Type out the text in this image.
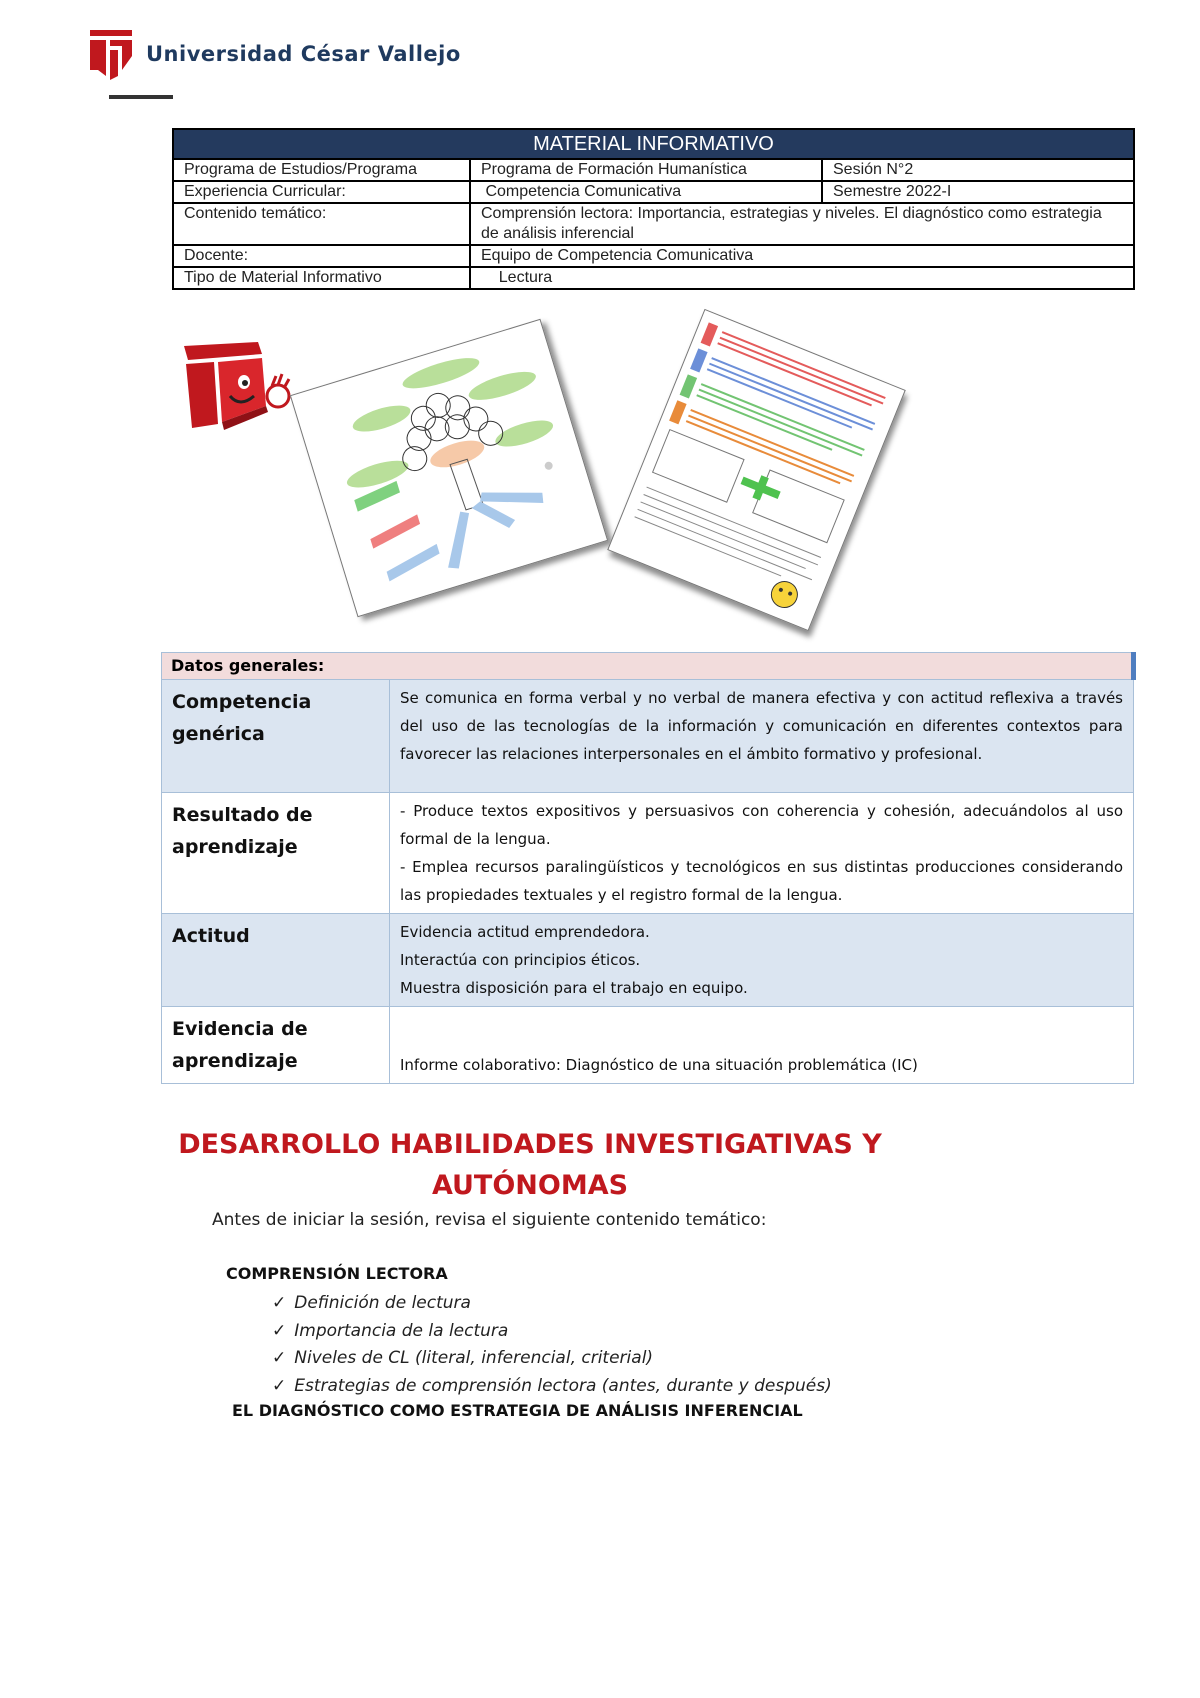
Universidad César Vallejo
MATERIAL INFORMATIVO		
Programa de Estudios/Programa	Programa de Formación Humanística	Sesión N°2
Experiencia Curricular:	Competencia Comunicativa	Semestre 2022-I
Contenido temático:	Comprensión lectora: Importancia, estrategias y niveles. El diagnóstico como estrategia de análisis inferencial	
Docente:	Equipo de Competencia Comunicativa	
Tipo de Material Informativo	Lectura	
Datos generales:	
Competencia genérica	Se comunica en forma verbal y no verbal de manera efectiva y con actitud reflexiva a través del uso de las tecnologías de la información y comunicación en diferentes contextos para favorecer las relaciones interpersonales en el ámbito formativo y profesional.
Resultado de aprendizaje	- Produce textos expositivos y persuasivos con coherencia y cohesión, adecuándolos al uso formal de la lengua.
- Emplea recursos paralingüísticos y tecnológicos en sus distintas producciones considerando las propiedades textuales y el registro formal de la lengua.

Actitud	Evidencia actitud emprendedora.
Interactúa con principios éticos.
Muestra disposición para el trabajo en equipo.

Evidencia de aprendizaje	Informe colaborativo: Diagnóstico de una situación problemática (IC)
DESARROLLO HABILIDADES INVESTIGATIVAS Y
AUTÓNOMAS
Antes de iniciar la sesión, revisa el siguiente contenido temático:
COMPRENSIÓN LECTORA
✓ Definición de lectura
✓ Importancia de la lectura
✓ Niveles de CL (literal, inferencial, criterial)
✓ Estrategias de comprensión lectora (antes, durante y después)
EL DIAGNÓSTICO COMO ESTRATEGIA DE ANÁLISIS INFERENCIAL
